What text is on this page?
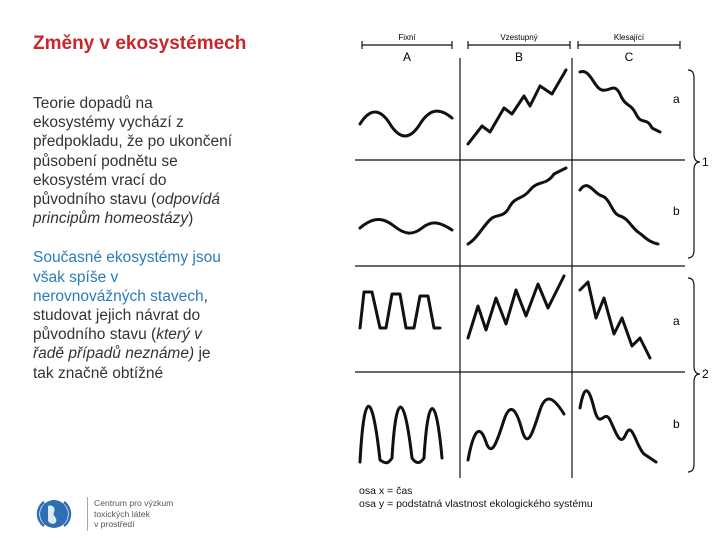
Změny v ekosystémech

Teorie dopadů na ekosystémy vychází z předpokladu, že po ukončení působení podnětu se ekosystém vrací do původního stavu (odpovídá principům homeostázy)

Současné ekosystémy jsou však spíše v nerovnovážných stavech, studovat jejich návrat do původního stavu (který v řadě případů neznáme) je tak značně obtížné

Fixní	Vzestupný	Klesající
A	B	C
a
b
a
b
1
2
osa x = čas
osa y = podstatná vlastnost ekologického systému
Centrum pro výzkum
toxických látek
v prostředí
